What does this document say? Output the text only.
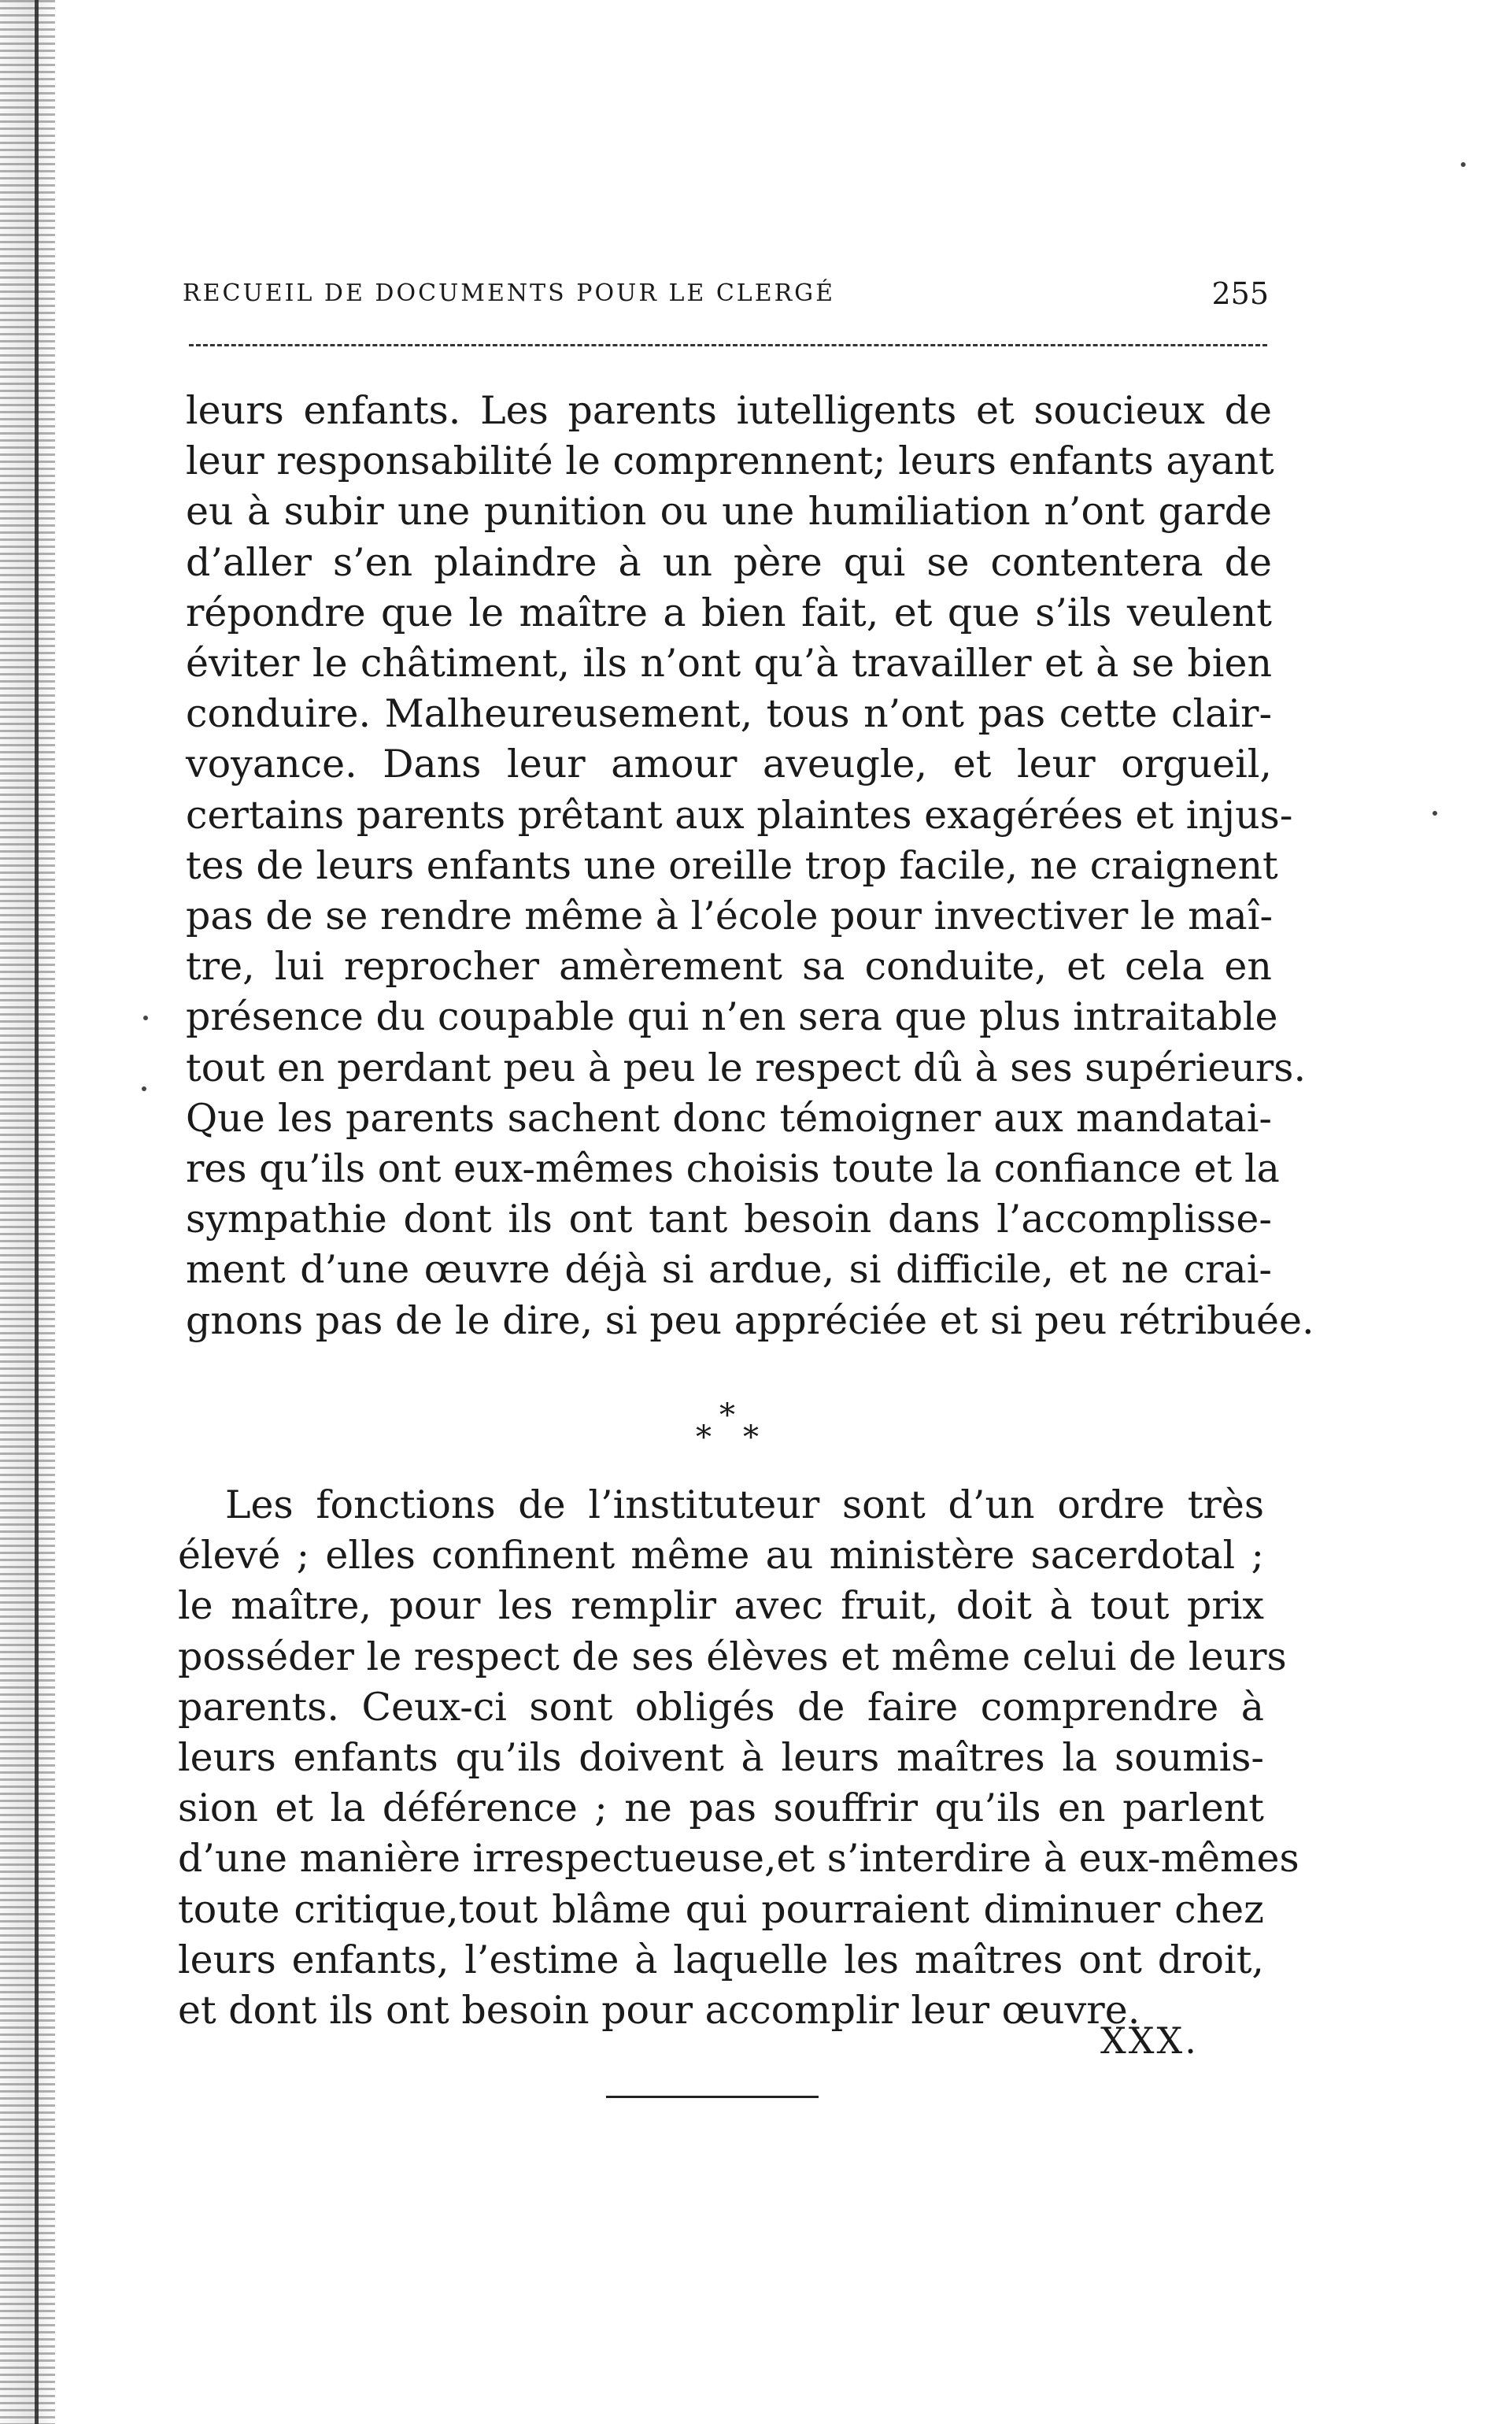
RECUEIL DE DOCUMENTS POUR LE CLERGÉ	255
leurs enfants. Les parents iutelligents et soucieux de
leur responsabilité le comprennent; leurs enfants ayant
eu à subir une punition ou une humiliation n’ont garde
d’aller s’en plaindre à un père qui se contentera de
répondre que le maître a bien fait, et que s’ils veulent
éviter le châtiment, ils n’ont qu’à travailler et à se bien
conduire. Malheureusement, tous n’ont pas cette clair-
voyance. Dans leur amour aveugle, et leur orgueil,
certains parents prêtant aux plaintes exagérées et injus-
tes de leurs enfants une oreille trop facile, ne craignent
pas de se rendre même à l’école pour invectiver le maî-
tre, lui reprocher amèrement sa conduite, et cela en
présence du coupable qui n’en sera que plus intraitable
tout en perdant peu à peu le respect dû à ses supérieurs.
Que les parents sachent donc témoigner aux mandatai-
res qu’ils ont eux-mêmes choisis toute la confiance et la
sympathie dont ils ont tant besoin dans l’accomplisse-
ment d’une œuvre déjà si ardue, si difficile, et ne crai-
gnons pas de le dire, si peu appréciée et si peu rétribuée.
*
* *
Les fonctions de l’instituteur sont d’un ordre très
élevé ; elles confinent même au ministère sacerdotal ;
le maître, pour les remplir avec fruit, doit à tout prix
posséder le respect de ses élèves et même celui de leurs
parents. Ceux-ci sont obligés de faire comprendre à
leurs enfants qu’ils doivent à leurs maîtres la soumis-
sion et la déférence ; ne pas souffrir qu’ils en parlent
d’une manière irrespectueuse,et s’interdire à eux-mêmes
toute critique,tout blâme qui pourraient diminuer chez
leurs enfants, l’estime à laquelle les maîtres ont droit,
et dont ils ont besoin pour accomplir leur œuvre.
XXX.
